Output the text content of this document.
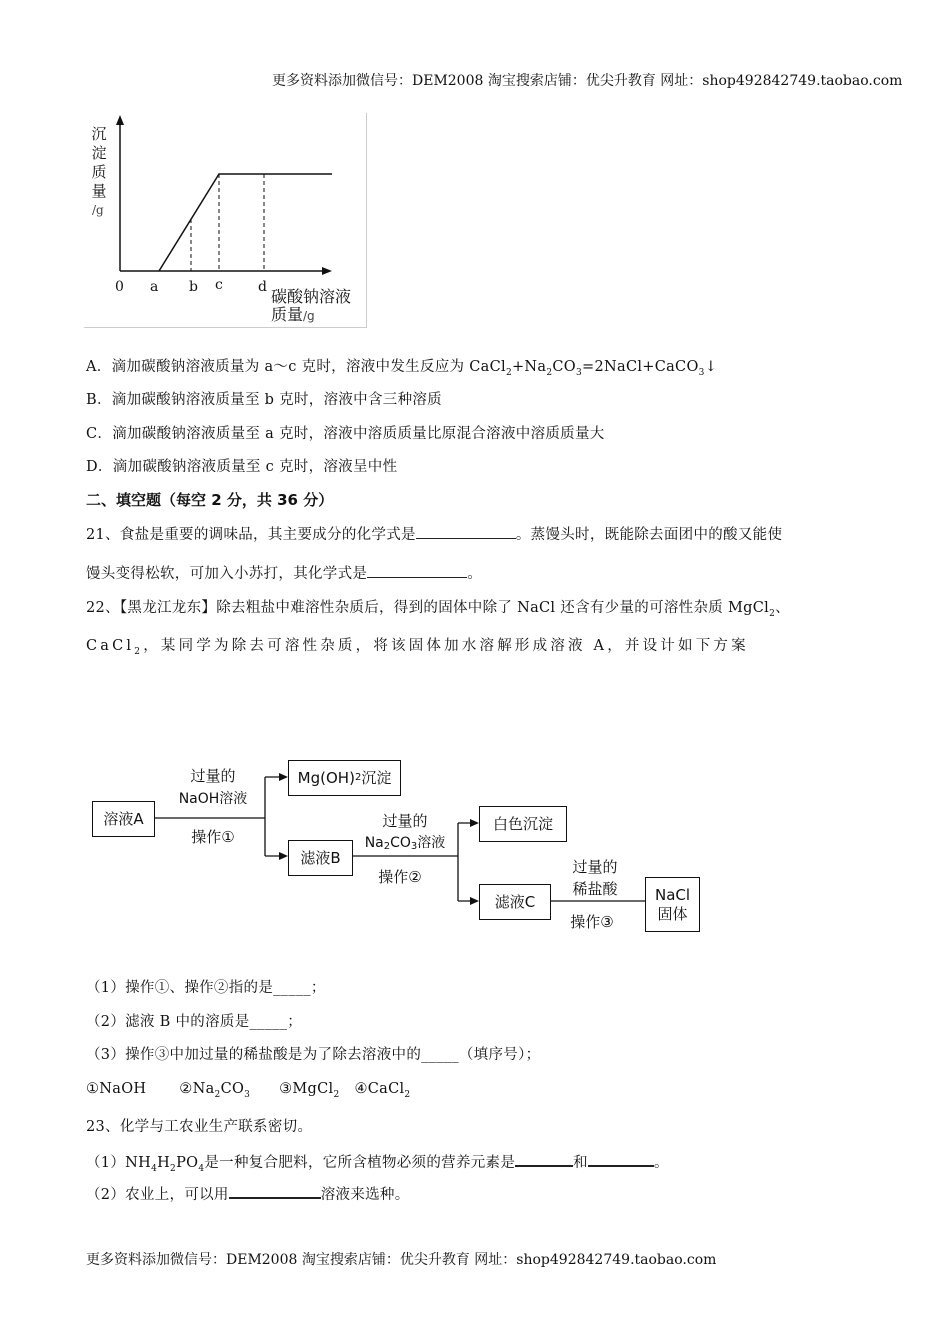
更多资料添加微信号：DEM2008 淘宝搜索店铺：优尖升教育 网址：shop492842749.taobao.com
沉
淀
质
量
/g
0 a b c	d 碳酸钠溶液
质量/g
A．滴加碳酸钠溶液质量为 a～c 克时，溶液中发生反应为 $CaCl_2+Na_2CO_3=2NaCl+CaCO_3↓$
B．滴加碳酸钠溶液质量至 b 克时，溶液中含三种溶质
C．滴加碳酸钠溶液质量至 a 克时，溶液中溶质质量比原混合溶液中溶质质量大
D．滴加碳酸钠溶液质量至 c 克时，溶液呈中性
二、填空题（每空 2 分，共 36 分）
21、食盐是重要的调味品，其主要成分的化学式是	。蒸馒头时，既能除去面团中的酸又能使
馒头变得松软，可加入小苏打，其化学式是	。
22、【黑龙江龙东】除去粗盐中难溶性杂质后，得到的固体中除了 NaCl 还含有少量的可溶性杂质 MgCl$_2$、
CaCl$_2$，某同学为除去可溶性杂质，将该固体加水溶解形成溶液 A，并设计如下方案
溶液A
过量的
NaOH溶液
操作①
Mg(OH) 2 沉淀
滤液B
过量的
$Na_2CO_3$溶液
操作②
白色沉淀
滤液C
过量的
稀盐酸
操作③
NaCl
固体
（1）操作①、操作②指的是_____；
（2）滤液 B 中的溶质是_____；
（3）操作③中加过量的稀盐酸是为了除去溶液中的_____（填序号）；
①NaOH $②Na_2CO_3$ ③MgCl$_2$ ④CaCl$_2$
23、化学与工农业生产联系密切。
$(1)NH_4H_2PO_4$是一种复合肥料，它所含植物必须的营养元素是	和	。
（2）农业上，可以用	溶液来选种。
更多资料添加微信号：DEM2008 淘宝搜索店铺：优尖升教育 网址：shop492842749.taobao.com
